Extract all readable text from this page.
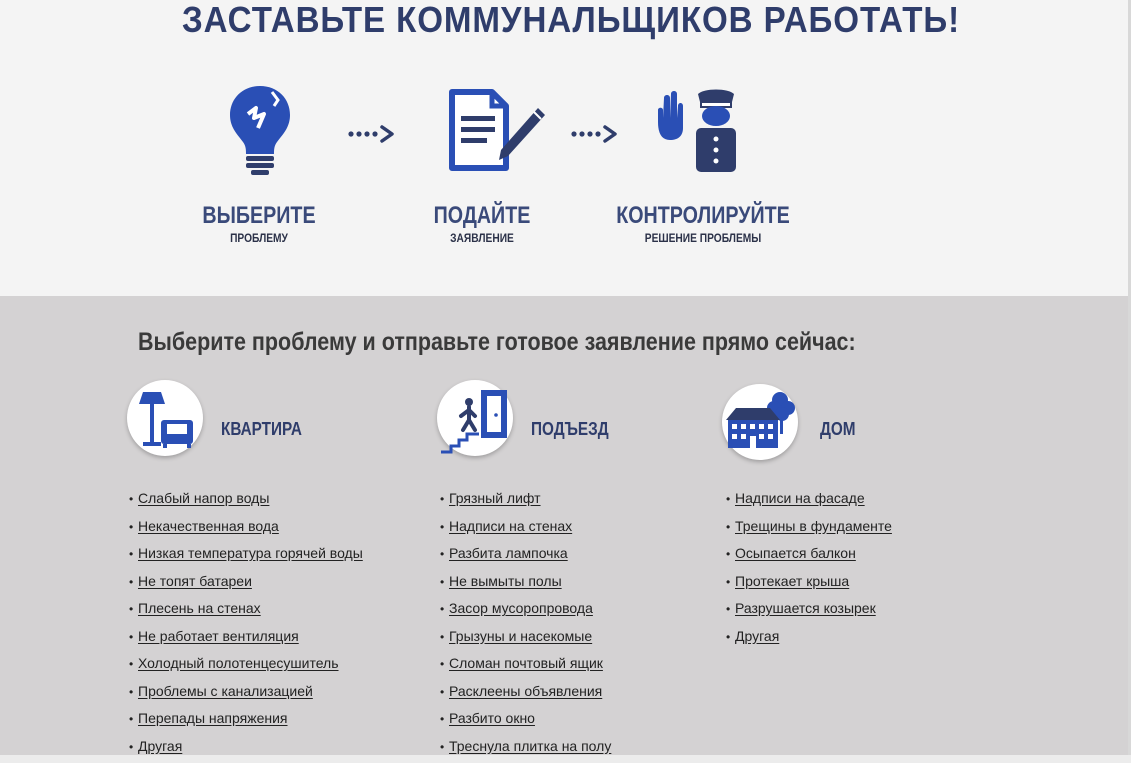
ЗАСТАВЬТЕ КОММУНАЛЬЩИКОВ РАБОТАТЬ!
ВЫБЕРИТЕ
ПРОБЛЕМУ
ПОДАЙТЕ
ЗАЯВЛЕНИЕ
КОНТРОЛИРУЙТЕ
РЕШЕНИЕ ПРОБЛЕМЫ
Выберите проблему и отправьте готовое заявление прямо сейчас:
КВАРТИРА
• Слабый напор воды
• Некачественная вода
• Низкая температура горячей воды
• Не топят батареи
• Плесень на стенах
• Не работает вентиляция
• Холодный полотенцесушитель
• Проблемы с канализацией
• Перепады напряжения
• Другая
ПОДЪЕЗД
• Грязный лифт
• Надписи на стенах
• Разбита лампочка
• Не вымыты полы
• Засор мусоропровода
• Грызуны и насекомые
• Сломан почтовый ящик
• Расклеены объявления
• Разбито окно
• Треснула плитка на полу
ДОМ
• Надписи на фасаде
• Трещины в фундаменте
• Осыпается балкон
• Протекает крыша
• Разрушается козырек
• Другая
